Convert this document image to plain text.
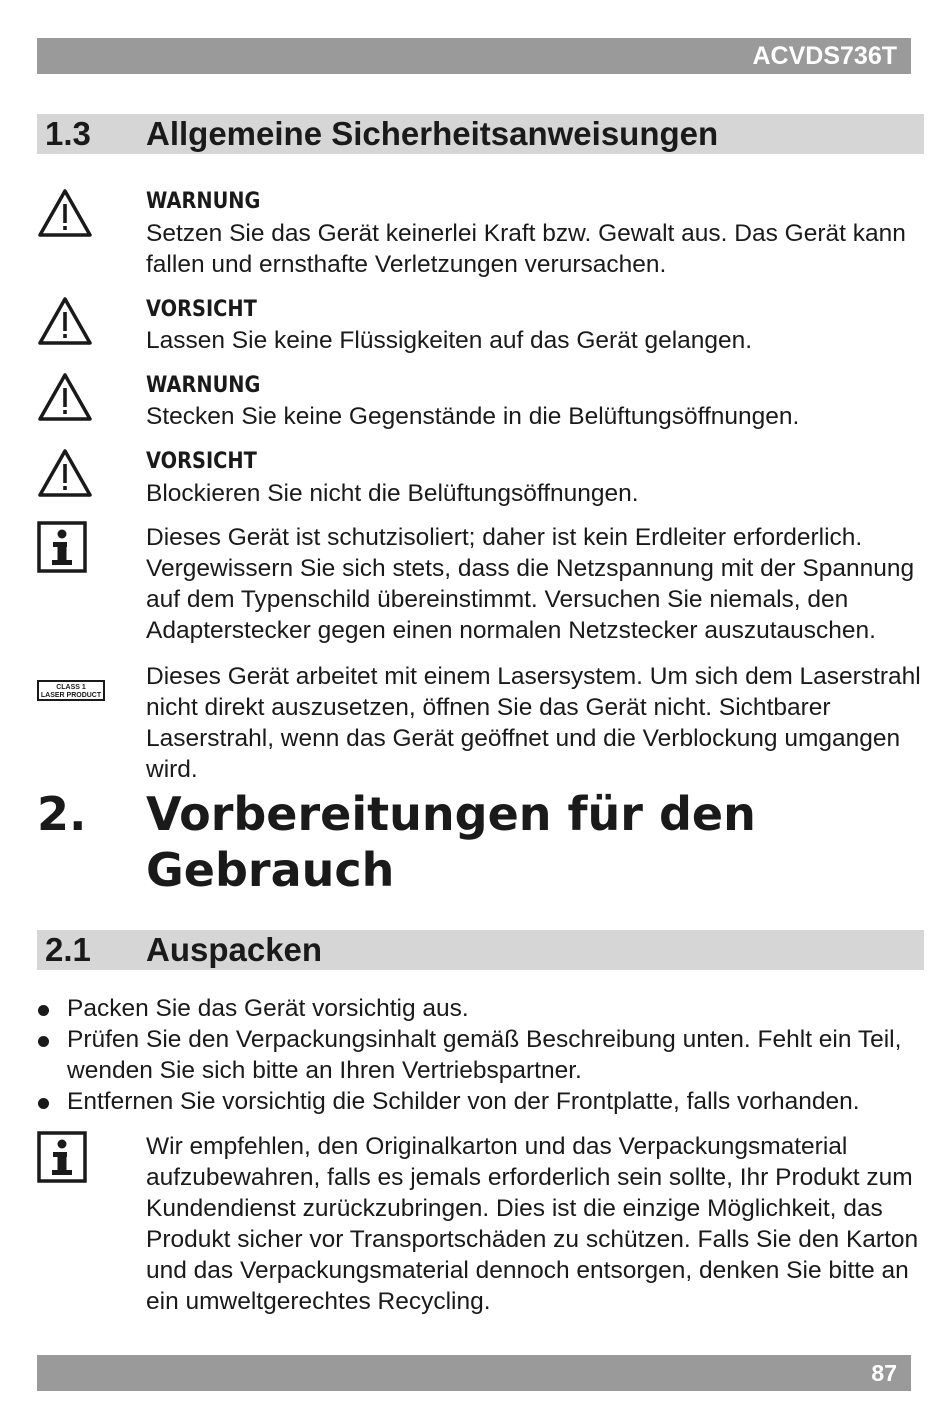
ACVDS736T
1.3 Allgemeine Sicherheitsanweisungen
WARNUNG
Setzen Sie das Gerät keinerlei Kraft bzw. Gewalt aus. Das Gerät kann fallen und ernsthafte Verletzungen verursachen.
VORSICHT
Lassen Sie keine Flüssigkeiten auf das Gerät gelangen.
WARNUNG
Stecken Sie keine Gegenstände in die Belüftungsöffnungen.
VORSICHT
Blockieren Sie nicht die Belüftungsöffnungen.
Dieses Gerät ist schutzisoliert; daher ist kein Erdleiter erforderlich. Vergewissern Sie sich stets, dass die Netzspannung mit der Spannung auf dem Typenschild übereinstimmt. Versuchen Sie niemals, den Adapterstecker gegen einen normalen Netzstecker auszutauschen.
CLASS 1
LASER PRODUCT
Dieses Gerät arbeitet mit einem Lasersystem. Um sich dem Laserstrahl nicht direkt auszusetzen, öffnen Sie das Gerät nicht. Sichtbarer Laserstrahl, wenn das Gerät geöffnet und die Verblockung umgangen wird.
2. Vorbereitungen für den
Gebrauch
2.1 Auspacken
Packen Sie das Gerät vorsichtig aus.
Prüfen Sie den Verpackungsinhalt gemäß Beschreibung unten. Fehlt ein Teil, wenden Sie sich bitte an Ihren Vertriebspartner.
Entfernen Sie vorsichtig die Schilder von der Frontplatte, falls vorhanden.
Wir empfehlen, den Originalkarton und das Verpackungsmaterial aufzubewahren, falls es jemals erforderlich sein sollte, Ihr Produkt zum Kundendienst zurückzubringen. Dies ist die einzige Möglichkeit, das Produkt sicher vor Transportschäden zu schützen. Falls Sie den Karton und das Verpackungsmaterial dennoch entsorgen, denken Sie bitte an ein umweltgerechtes Recycling.
87
